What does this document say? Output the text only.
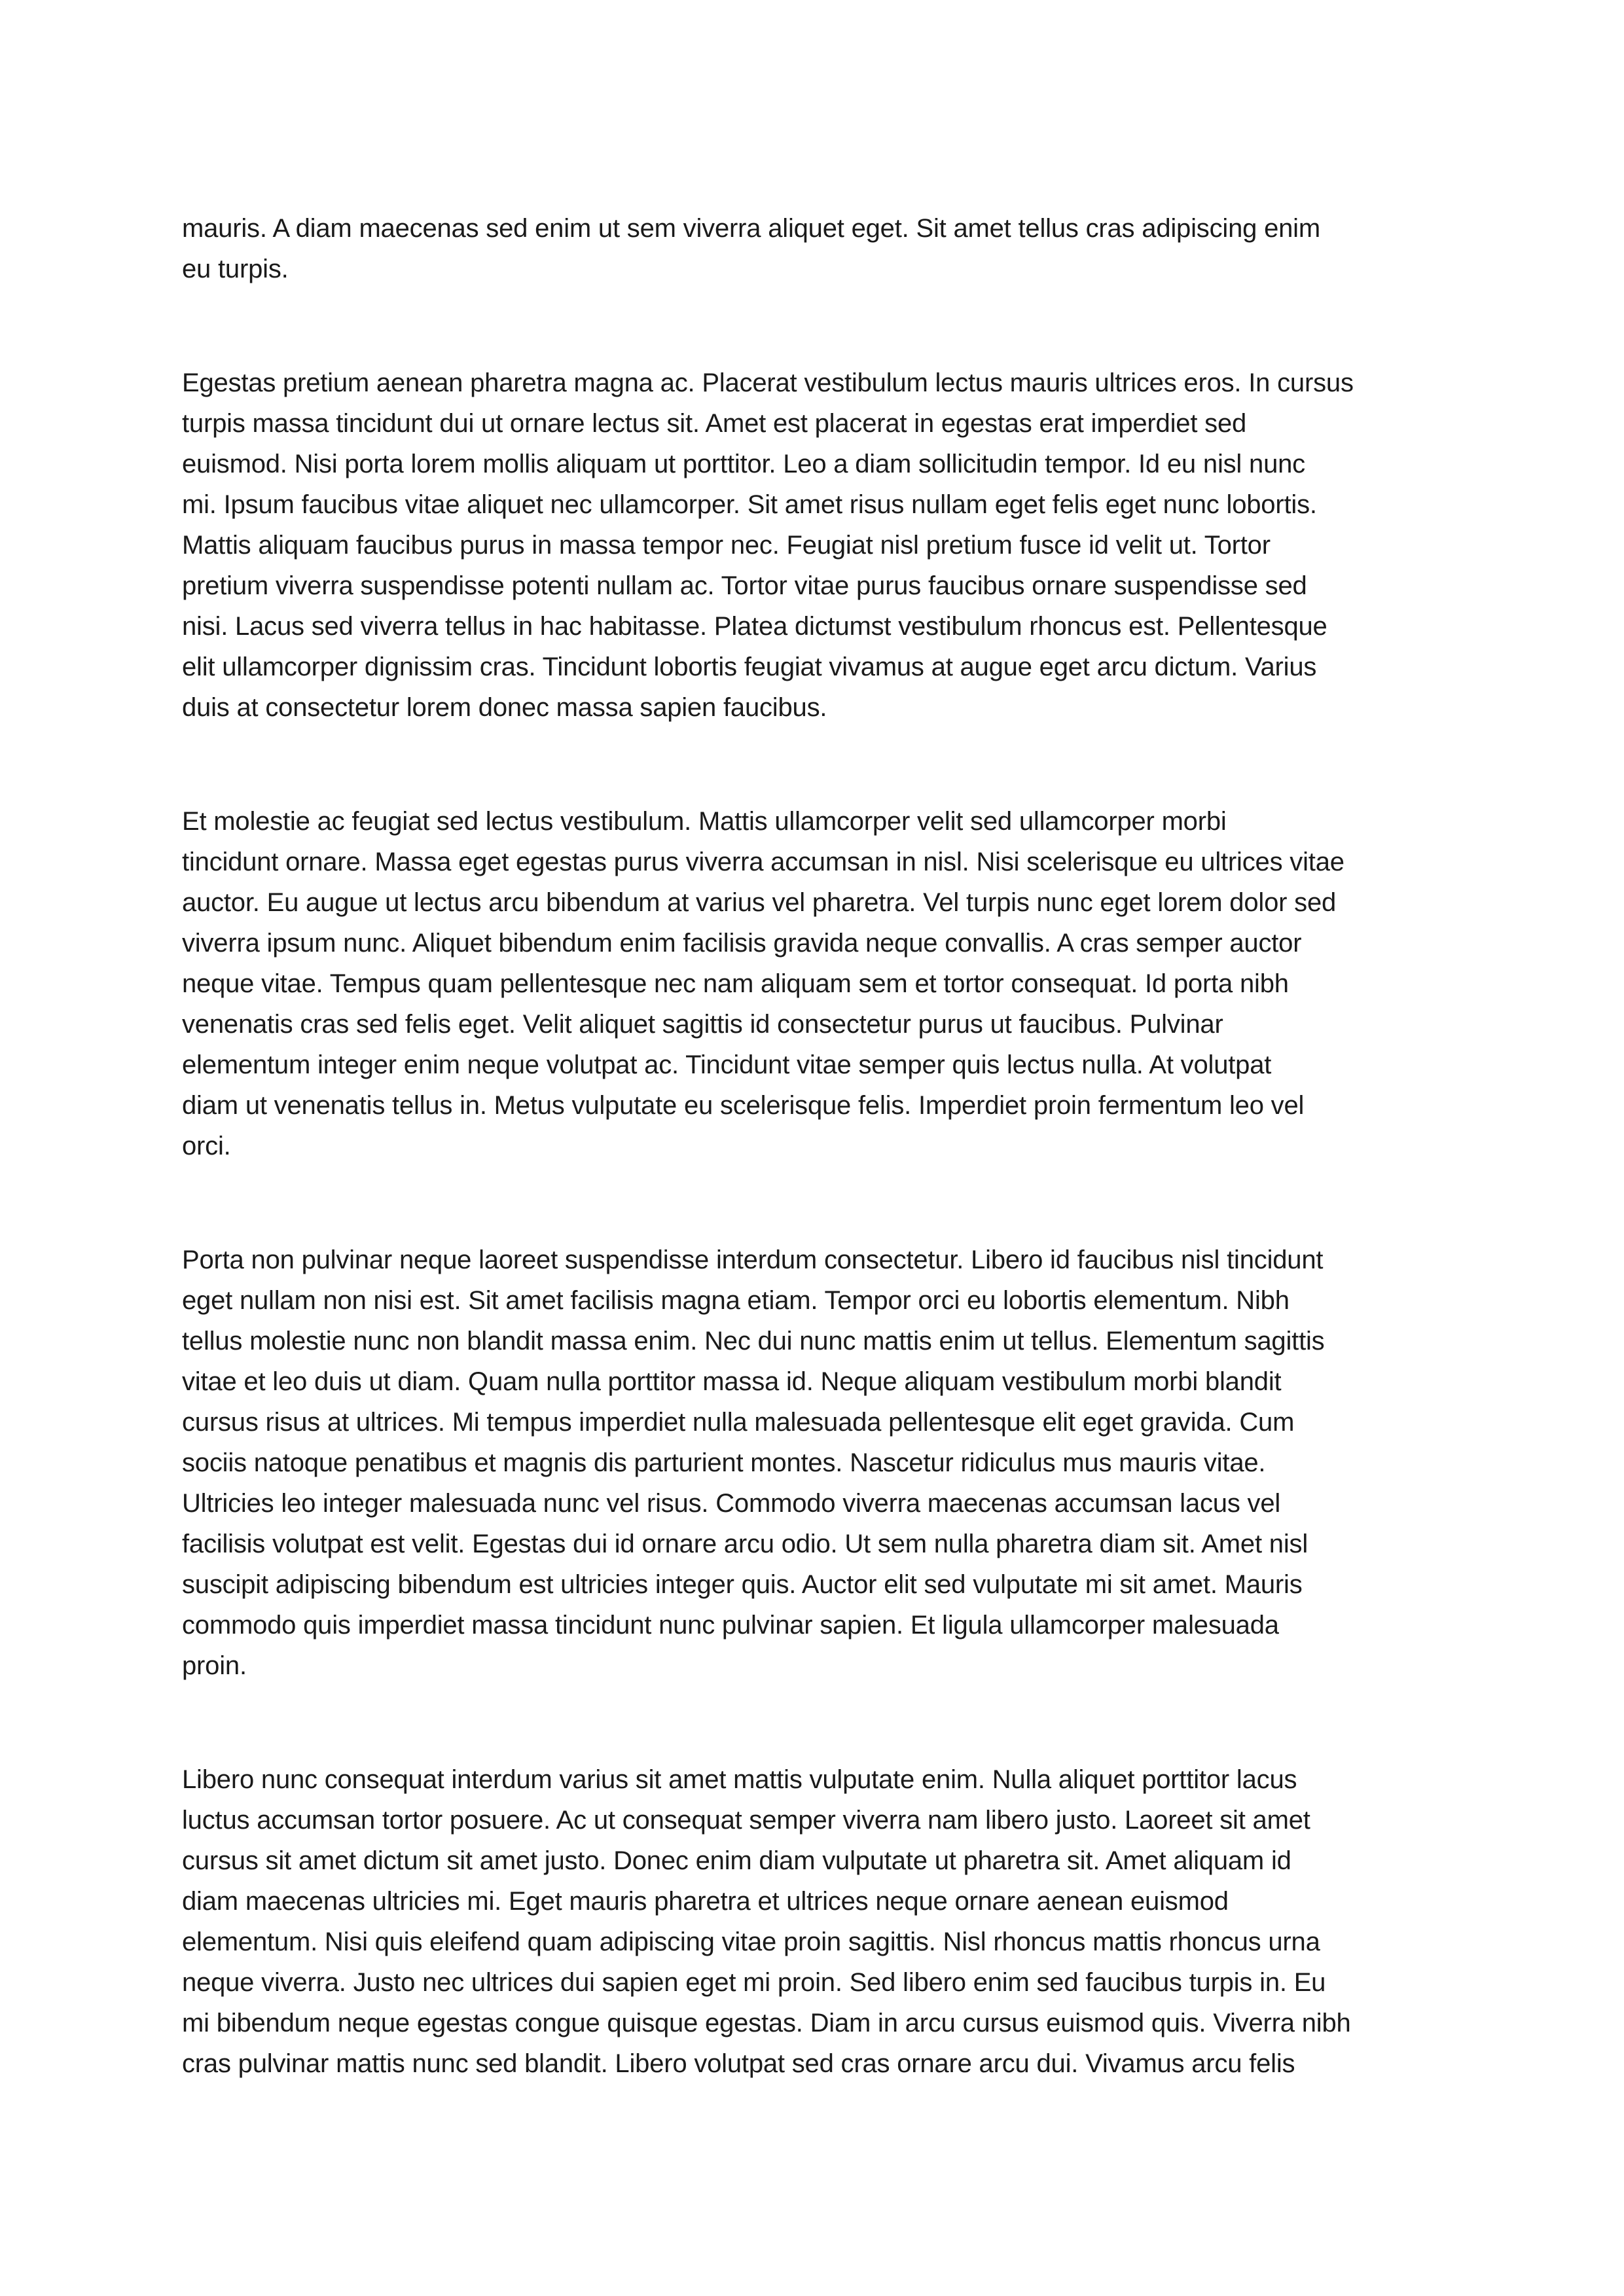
mauris. A diam maecenas sed enim ut sem viverra aliquet eget. Sit amet tellus cras adipiscing enim
eu turpis.

Egestas pretium aenean pharetra magna ac. Placerat vestibulum lectus mauris ultrices eros. In cursus
turpis massa tincidunt dui ut ornare lectus sit. Amet est placerat in egestas erat imperdiet sed
euismod. Nisi porta lorem mollis aliquam ut porttitor. Leo a diam sollicitudin tempor. Id eu nisl nunc
mi. Ipsum faucibus vitae aliquet nec ullamcorper. Sit amet risus nullam eget felis eget nunc lobortis.
Mattis aliquam faucibus purus in massa tempor nec. Feugiat nisl pretium fusce id velit ut. Tortor
pretium viverra suspendisse potenti nullam ac. Tortor vitae purus faucibus ornare suspendisse sed
nisi. Lacus sed viverra tellus in hac habitasse. Platea dictumst vestibulum rhoncus est. Pellentesque
elit ullamcorper dignissim cras. Tincidunt lobortis feugiat vivamus at augue eget arcu dictum. Varius
duis at consectetur lorem donec massa sapien faucibus.

Et molestie ac feugiat sed lectus vestibulum. Mattis ullamcorper velit sed ullamcorper morbi
tincidunt ornare. Massa eget egestas purus viverra accumsan in nisl. Nisi scelerisque eu ultrices vitae
auctor. Eu augue ut lectus arcu bibendum at varius vel pharetra. Vel turpis nunc eget lorem dolor sed
viverra ipsum nunc. Aliquet bibendum enim facilisis gravida neque convallis. A cras semper auctor
neque vitae. Tempus quam pellentesque nec nam aliquam sem et tortor consequat. Id porta nibh
venenatis cras sed felis eget. Velit aliquet sagittis id consectetur purus ut faucibus. Pulvinar
elementum integer enim neque volutpat ac. Tincidunt vitae semper quis lectus nulla. At volutpat
diam ut venenatis tellus in. Metus vulputate eu scelerisque felis. Imperdiet proin fermentum leo vel
orci.

Porta non pulvinar neque laoreet suspendisse interdum consectetur. Libero id faucibus nisl tincidunt
eget nullam non nisi est. Sit amet facilisis magna etiam. Tempor orci eu lobortis elementum. Nibh
tellus molestie nunc non blandit massa enim. Nec dui nunc mattis enim ut tellus. Elementum sagittis
vitae et leo duis ut diam. Quam nulla porttitor massa id. Neque aliquam vestibulum morbi blandit
cursus risus at ultrices. Mi tempus imperdiet nulla malesuada pellentesque elit eget gravida. Cum
sociis natoque penatibus et magnis dis parturient montes. Nascetur ridiculus mus mauris vitae.
Ultricies leo integer malesuada nunc vel risus. Commodo viverra maecenas accumsan lacus vel
facilisis volutpat est velit. Egestas dui id ornare arcu odio. Ut sem nulla pharetra diam sit. Amet nisl
suscipit adipiscing bibendum est ultricies integer quis. Auctor elit sed vulputate mi sit amet. Mauris
commodo quis imperdiet massa tincidunt nunc pulvinar sapien. Et ligula ullamcorper malesuada
proin.

Libero nunc consequat interdum varius sit amet mattis vulputate enim. Nulla aliquet porttitor lacus
luctus accumsan tortor posuere. Ac ut consequat semper viverra nam libero justo. Laoreet sit amet
cursus sit amet dictum sit amet justo. Donec enim diam vulputate ut pharetra sit. Amet aliquam id
diam maecenas ultricies mi. Eget mauris pharetra et ultrices neque ornare aenean euismod
elementum. Nisi quis eleifend quam adipiscing vitae proin sagittis. Nisl rhoncus mattis rhoncus urna
neque viverra. Justo nec ultrices dui sapien eget mi proin. Sed libero enim sed faucibus turpis in. Eu
mi bibendum neque egestas congue quisque egestas. Diam in arcu cursus euismod quis. Viverra nibh
cras pulvinar mattis nunc sed blandit. Libero volutpat sed cras ornare arcu dui. Vivamus arcu felis
